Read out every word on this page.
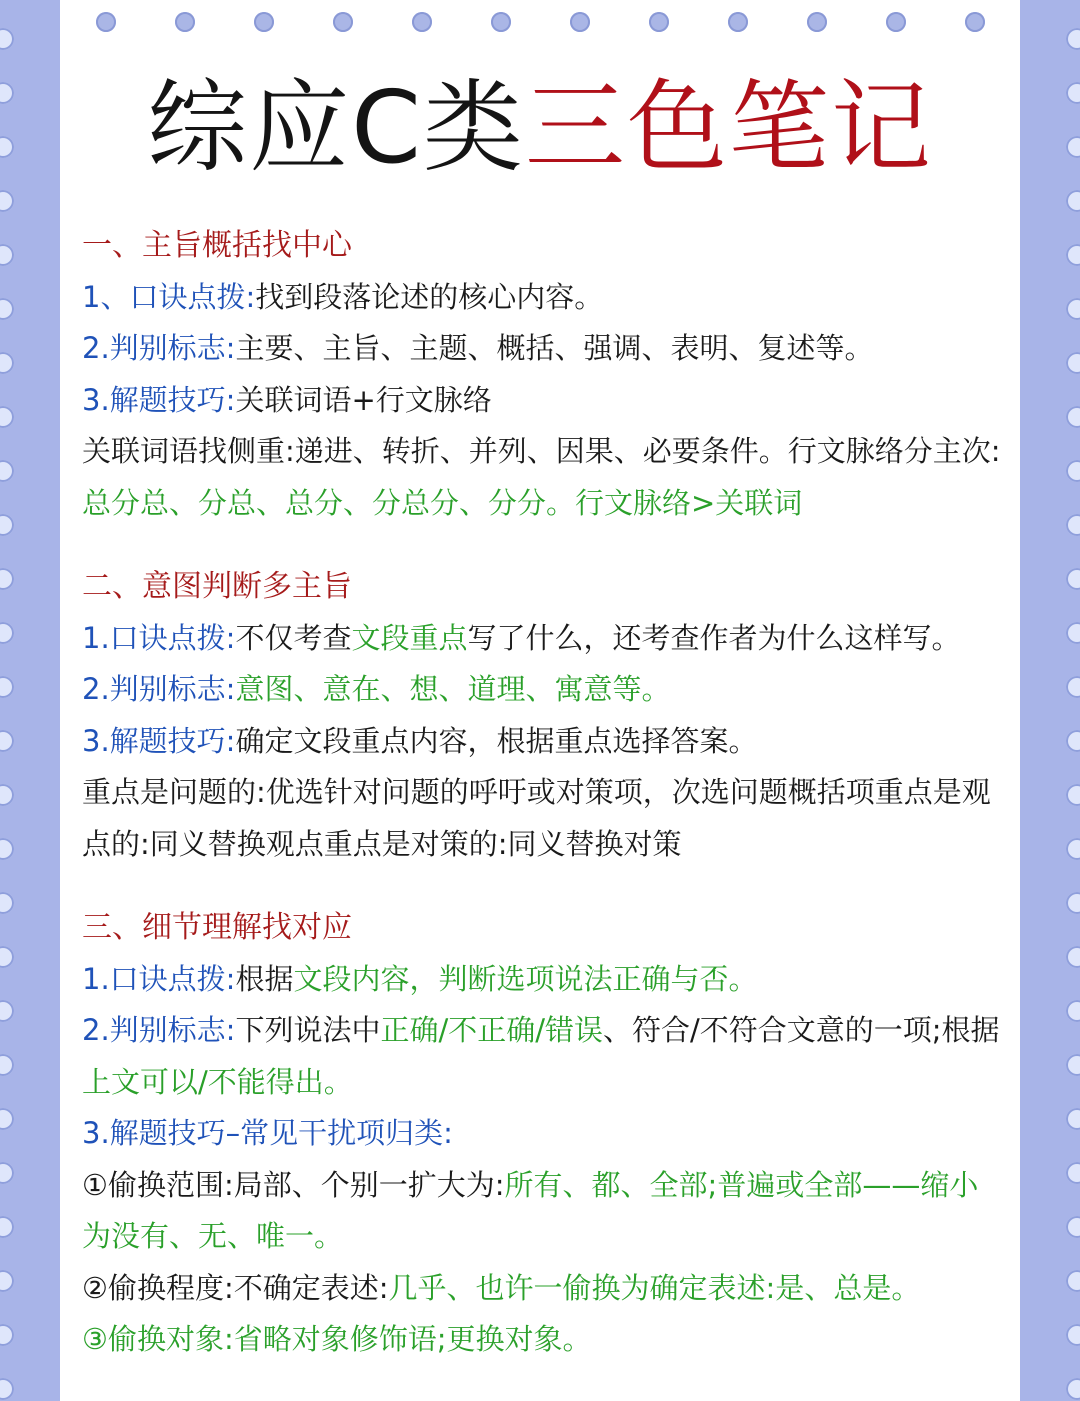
综应C类三色笔记
一、主旨概括找中心
1、口诀点拨:找到段落论述的核心内容。
2.判别标志:主要、主旨、主题、概括、强调、表明、复述等。
3.解题技巧:关联词语+行文脉络
关联词语找侧重:递进、转折、并列、因果、必要条件。行文脉络分主次:总分总、分总、总分、分总分、分分。行文脉络>关联词
二、意图判断多主旨
1.口诀点拨:不仅考查文段重点写了什么，还考查作者为什么这样写。
2.判别标志:意图、意在、想、道理、寓意等。
3.解题技巧:确定文段重点内容，根据重点选择答案。
重点是问题的:优选针对问题的呼吁或对策项，次选问题概括项重点是观点的:同义替换观点重点是对策的:同义替换对策
三、细节理解找对应
1.口诀点拨:根据文段内容，判断选项说法正确与否。
2.判别标志:下列说法中正确/不正确/错误、符合/不符合文意的一项;根据上文可以/不能得出。
3.解题技巧–常见干扰项归类:
①偷换范围:局部、个别一扩大为:所有、都、全部;普遍或全部——缩小为没有、无、唯一。
②偷换程度:不确定表述:几乎、也许一偷换为确定表述:是、总是。
③偷换对象:省略对象修饰语;更换对象。
